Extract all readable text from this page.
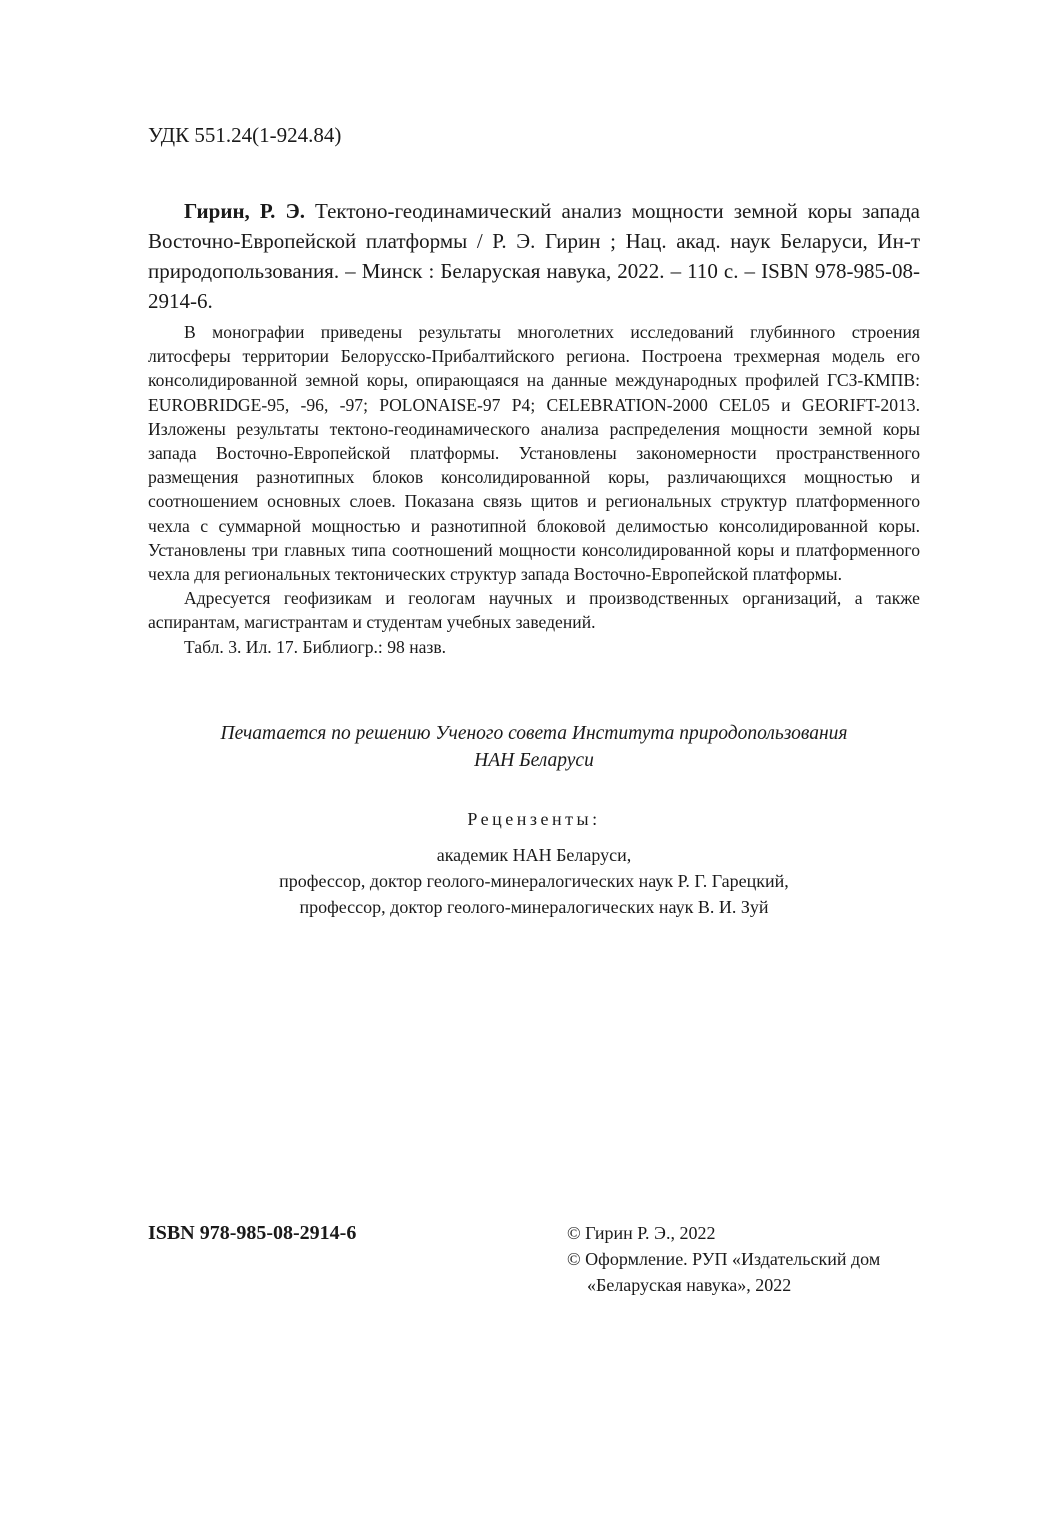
УДК 551.24(1-924.84)

Гирин, Р. Э. Тектоно-геодинамический анализ мощности земной коры запада Восточно-Европейской платформы / Р. Э. Гирин ; Нац. акад. наук Беларуси, Ин-т природопользования. – Минск : Беларуская навука, 2022. – 110 с. – ISBN 978-985-08-2914-6.

В монографии приведены результаты многолетних исследований глубинного строения литосферы территории Белорусско-Прибалтийского региона. Построена трехмерная модель его консолидированной земной коры, опирающаяся на данные международных профилей ГСЗ-КМПВ: EUROBRIDGE-95, -96, -97; POLONAISE-97 P4; CELEBRATION-2000 CEL05 и GEORIFT-2013. Изложены результаты тектоно-геодинамического анализа распределения мощности земной коры запада Восточно-Европейской платформы. Установлены закономерности пространственного размещения разнотипных блоков консолидированной коры, различающихся мощностью и соотношением основных слоев. Показана связь щитов и региональных структур платформенного чехла с суммарной мощностью и разнотипной блоковой делимостью консолидированной коры. Установлены три главных типа соотношений мощности консолидированной коры и платформенного чехла для региональных тектонических структур запада Восточно-Европейской платформы.

Адресуется геофизикам и геологам научных и производственных организаций, а также аспирантам, магистрантам и студентам учебных заведений.

Табл. 3. Ил. 17. Библиогр.: 98 назв.

Печатается по решению Ученого совета Института природопользования
НАН Беларуси
Рецензенты:
академик НАН Беларуси,
профессор, доктор геолого-минералогических наук Р. Г. Гарецкий,
профессор, доктор геолого-минералогических наук В. И. Зуй
ISBN 978-985-08-2914-6	© Гирин Р. Э., 2022

© Оформление. РУП «Издательский дом

«Беларуская навука», 2022
